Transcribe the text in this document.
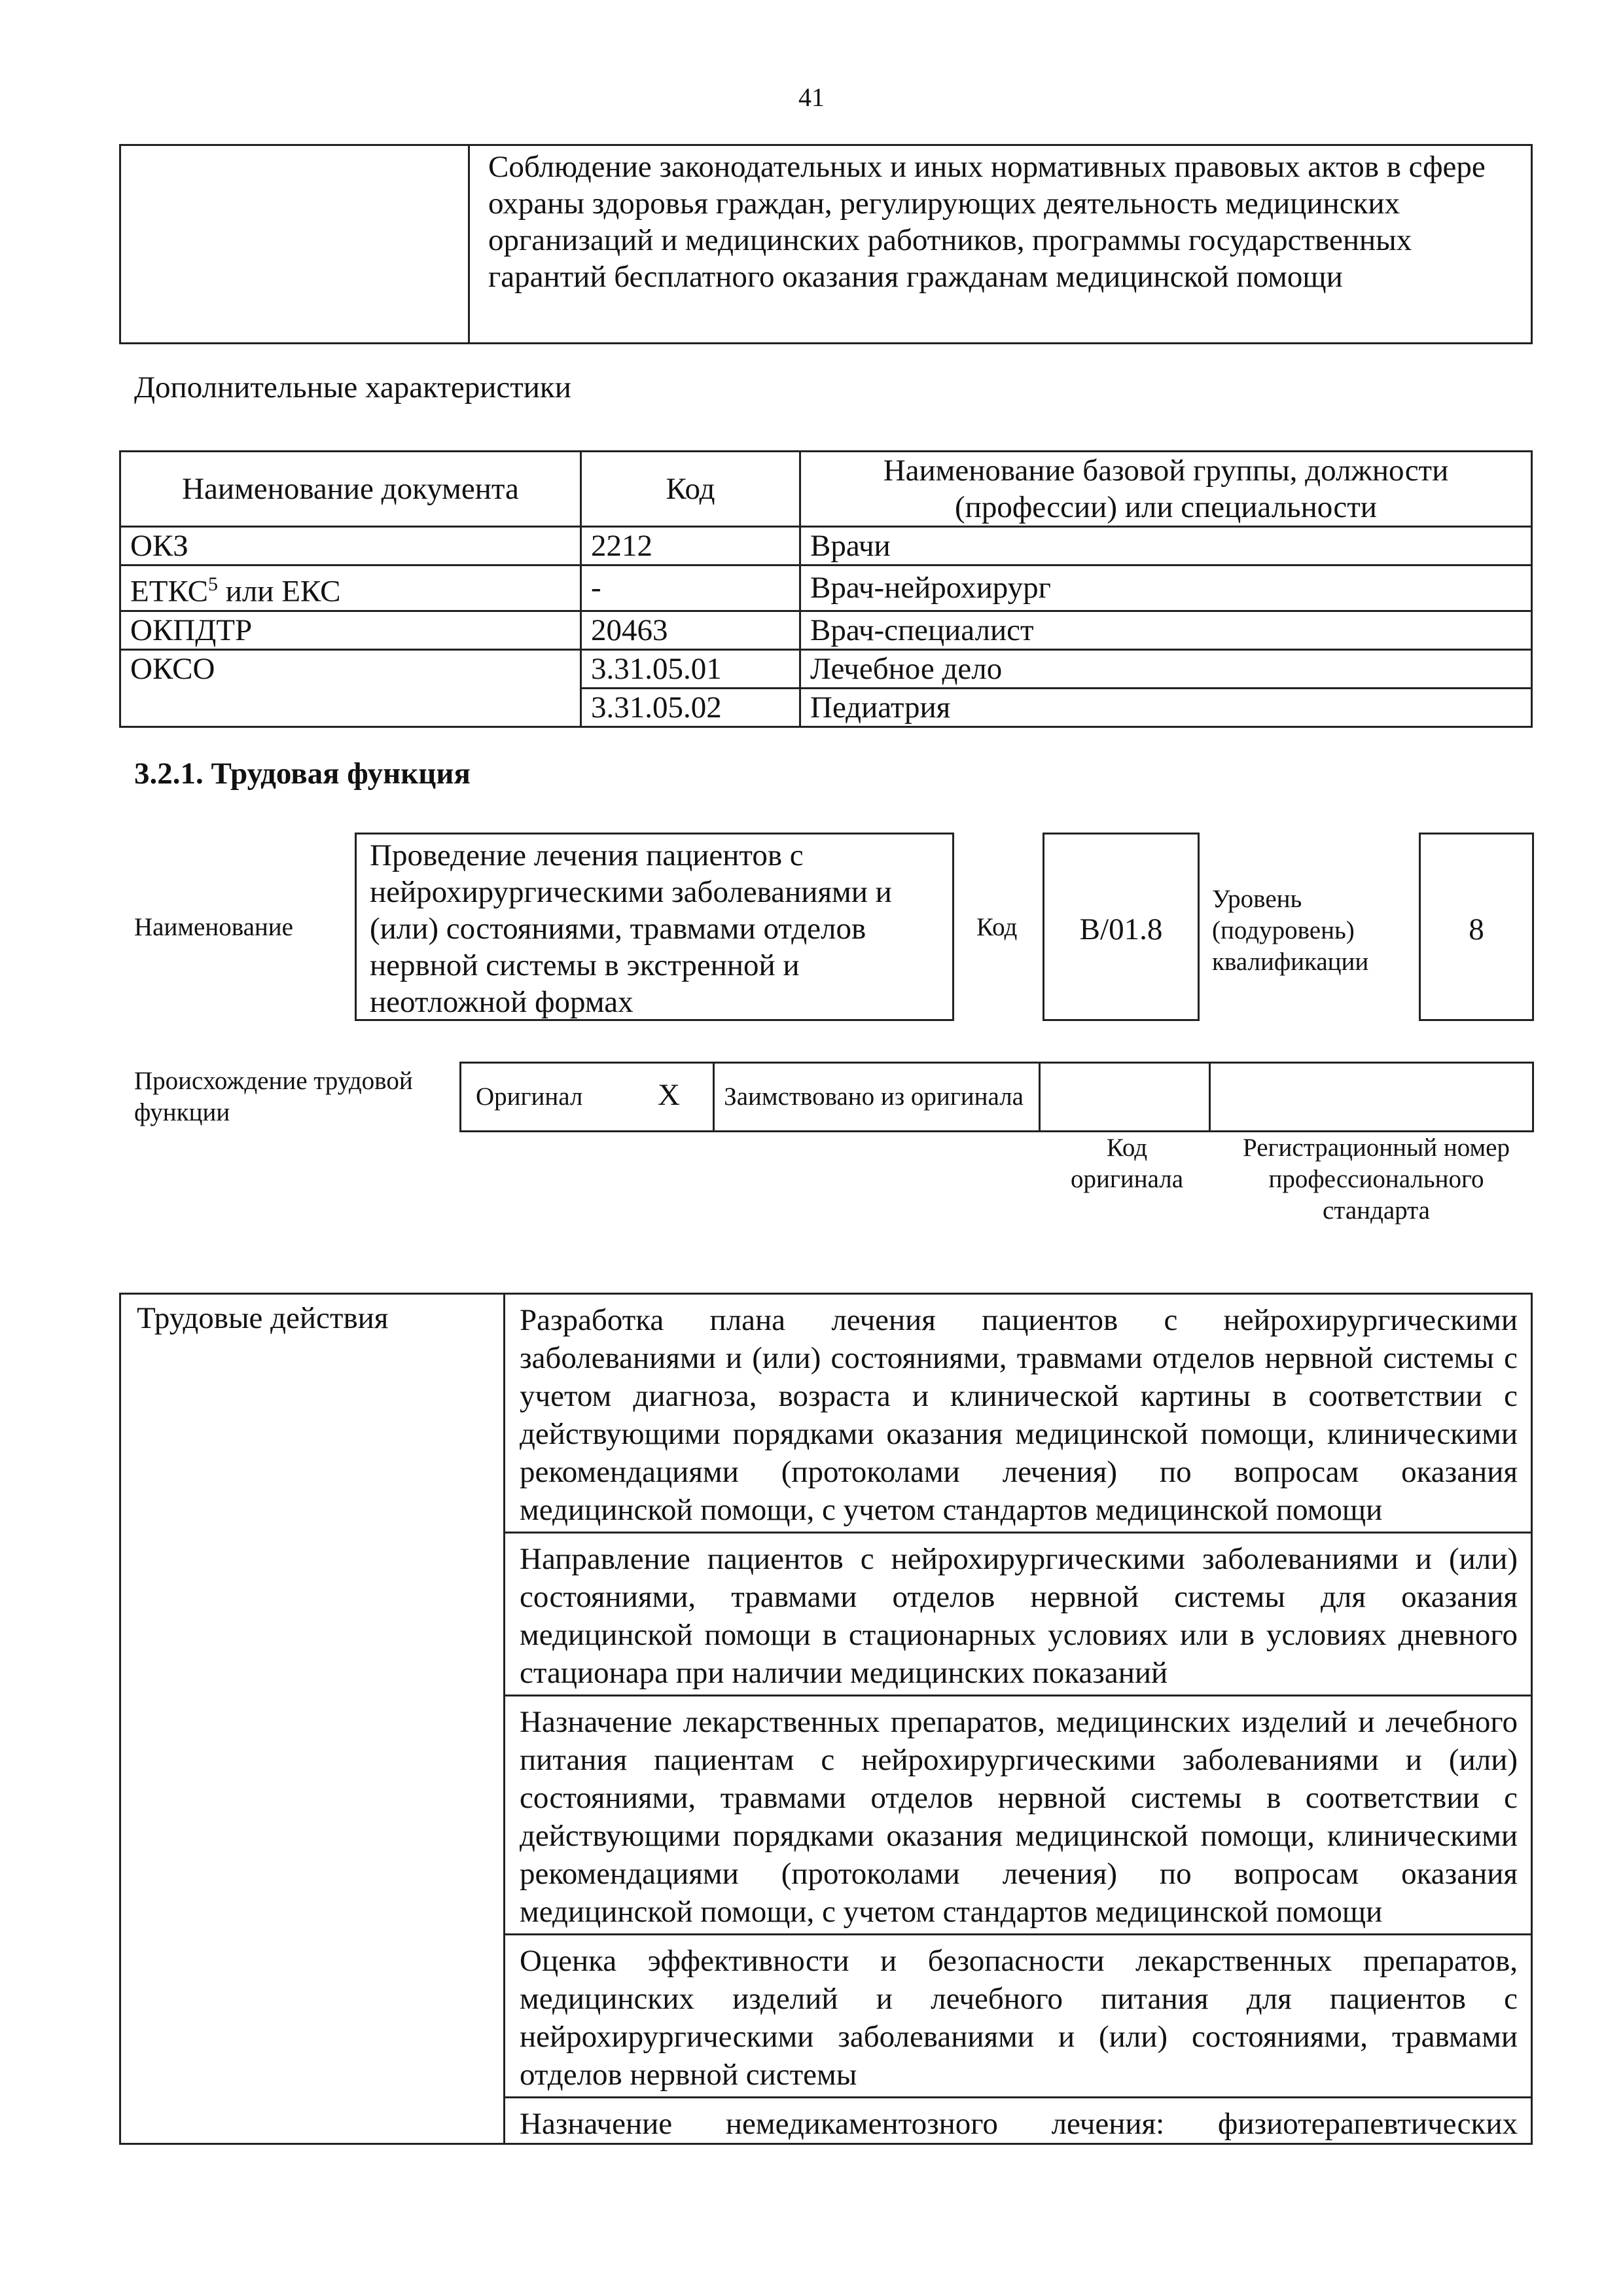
41
	Соблюдение законодательных и иных нормативных правовых актов в сфере охраны здоровья граждан, регулирующих деятельность медицинских организаций и медицинских работников, программы государственных гарантий бесплатного оказания гражданам медицинской помощи
Дополнительные характеристики
Наименование документа	Код	Наименование базовой группы, должности (профессии) или специальности
ОКЗ	2212	Врачи
ЕТКС$^5$ или ЕКС	-	Врач-нейрохирург
ОКПДТР	20463	Врач-специалист
ОКСО	3.31.05.01	Лечебное дело
	3.31.05.02	Педиатрия
3.2.1. Трудовая функция
Наименование
Проведение лечения пациентов с нейрохирургическими заболеваниями и (или) состояниями, травмами отделов нервной системы в экстренной и неотложной формах
Код	B/01.8
Уровень (подуровень) квалификации
8
Происхождение трудовой функции
Оригинал X	Заимствовано из оригинала		
Код оригинала
Регистрационный номер профессионального стандарта
Трудовые действия	Разработка плана лечения пациентов с нейрохирургическими заболеваниями и (или) состояниями, травмами отделов нервной системы с учетом диагноза, возраста и клинической картины в соответствии с действующими порядками оказания медицинской помощи, клиническими рекомендациями (протоколами лечения) по вопросам оказания медицинской помощи, с учетом стандартов медицинской помощи
Направление пациентов с нейрохирургическими заболеваниями и (или) состояниями, травмами отделов нервной системы для оказания медицинской помощи в стационарных условиях или в условиях дневного стационара при наличии медицинских показаний
Назначение лекарственных препаратов, медицинских изделий и лечебного питания пациентам с нейрохирургическими заболеваниями и (или) состояниями, травмами отделов нервной системы в соответствии с действующими порядками оказания медицинской помощи, клиническими рекомендациями (протоколами лечения) по вопросам оказания медицинской помощи, с учетом стандартов медицинской помощи
Оценка эффективности и безопасности лекарственных препаратов, медицинских изделий и лечебного питания для пациентов с нейрохирургическими заболеваниями и (или) состояниями, травмами отделов нервной системы

Назначение немедикаментозного лечения: физиотерапевтических
